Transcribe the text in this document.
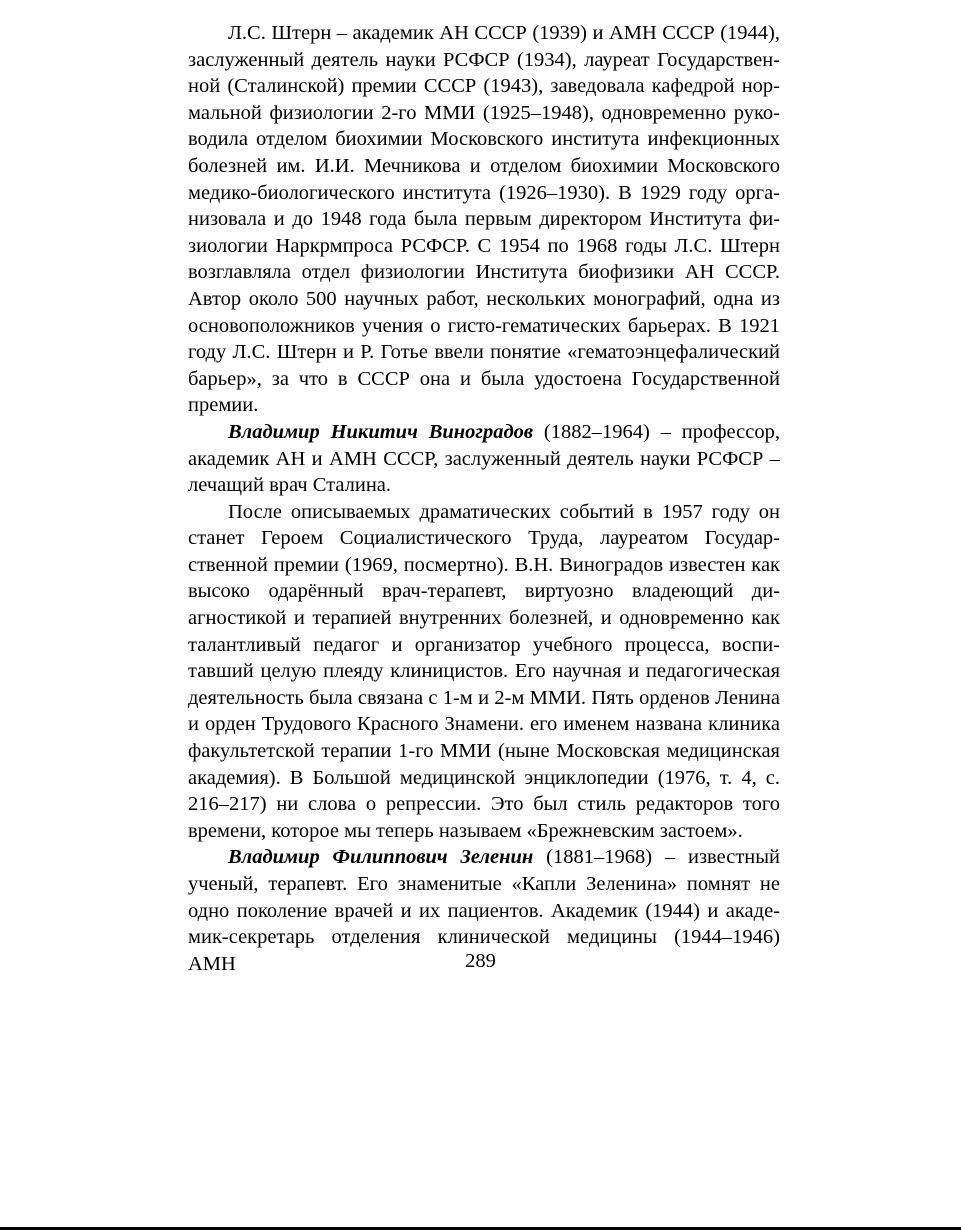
Л.С. Штерн – академик АН СССР (1939) и АМН СССР (1944), заслуженный деятель науки РСФСР (1934), лауреат Государственной (Сталинской) премии СССР (1943), заведовала кафедрой нормальной физиологии 2-го ММИ (1925–1948), одновременно руководила отделом биохимии Московского института инфекционных болезней им. И.И. Мечникова и отделом биохимии Московского медико-биологического института (1926–1930). В 1929 году организовала и до 1948 года была первым директором Института физиологии Наркрмпроса РСФСР. С 1954 по 1968 годы Л.С. Штерн возглавляла отдел физиологии Института биофизики АН СССР. Автор около 500 научных работ, нескольких монографий, одна из основоположников учения о гисто-гематических барьерах. В 1921 году Л.С. Штерн и Р. Готье ввели понятие «гематоэнцефалический барьер», за что в СССР она и была удостоена Государственной премии.

Владимир Никитич Виноградов (1882–1964) – профессор, академик АН и АМН СССР, заслуженный деятель науки РСФСР – лечащий врач Сталина.

После описываемых драматических событий в 1957 году он станет Героем Социалистического Труда, лауреатом Государственной премии (1969, посмертно). В.Н. Виноградов известен как высоко одарённый врач-терапевт, виртуозно владеющий диагностикой и терапией внутренних болезней, и одновременно как талантливый педагог и организатор учебного процесса, воспитавший целую плеяду клиницистов. Его научная и педагогическая деятельность была связана с 1-м и 2-м ММИ. Пять орденов Ленина и орден Трудового Красного Знамени. его именем названа клиника факультетской терапии 1-го ММИ (ныне Московская медицинская академия). В Большой медицинской энциклопедии (1976, т. 4, с. 216–217) ни слова о репрессии. Это был стиль редакторов того времени, которое мы теперь называем «Брежневским застоем».

Владимир Филиппович Зеленин (1881–1968) – известный ученый, терапевт. Его знаменитые «Капли Зеленина» помнят не одно поколение врачей и их пациентов. Академик (1944) и академик-секретарь отделения клинической медицины (1944–1946) АМН	289
